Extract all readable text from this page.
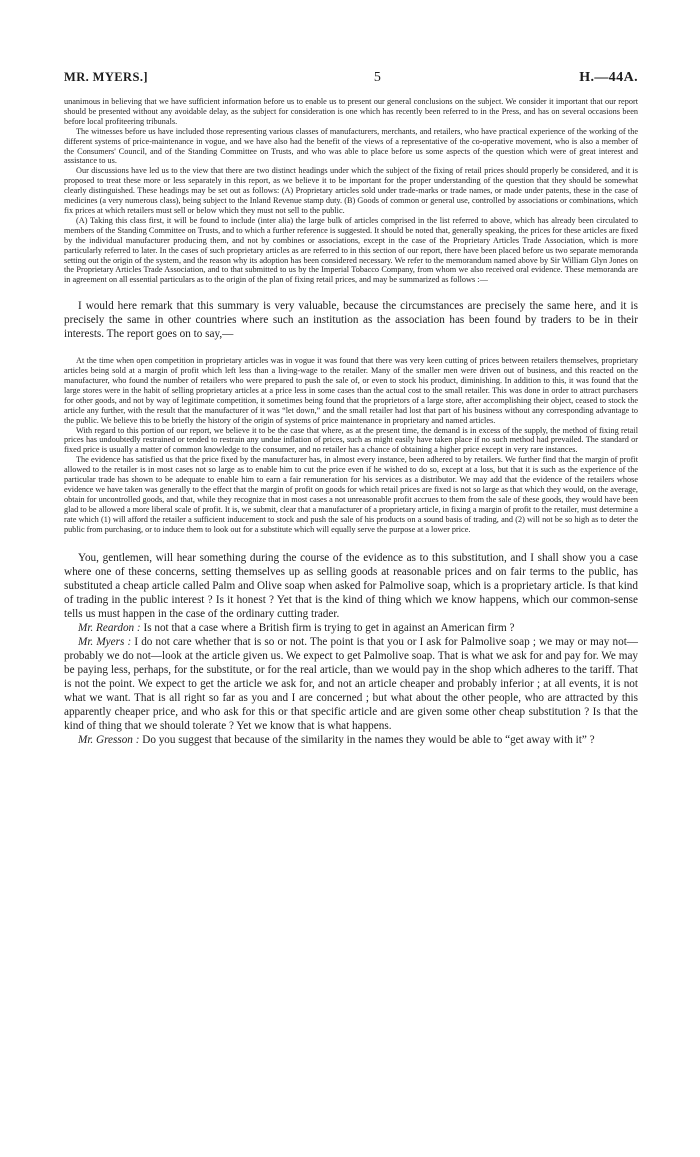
MR. MYERS.]	5	H.—44A.

unanimous in believing that we have sufficient information before us to enable us to present our general conclusions on the subject. We consider it important that our report should be presented without any avoidable delay, as the subject for consideration is one which has recently been referred to in the Press, and has on several occasions been before local profiteering tribunals.

The witnesses before us have included those representing various classes of manufacturers, merchants, and retailers, who have practical experience of the working of the different systems of price-maintenance in vogue, and we have also had the benefit of the views of a representative of the co-operative movement, who is also a member of the Consumers' Council, and of the Standing Committee on Trusts, and who was able to place before us some aspects of the question which were of great interest and assistance to us.

Our discussions have led us to the view that there are two distinct headings under which the subject of the fixing of retail prices should properly be considered, and it is proposed to treat these more or less separately in this report, as we believe it to be important for the proper understanding of the question that they should be somewhat clearly distinguished. These headings may be set out as follows: (A) Proprietary articles sold under trade-marks or trade names, or made under patents, these in the case of medicines (a very numerous class), being subject to the Inland Revenue stamp duty. (B) Goods of common or general use, controlled by associations or combinations, which fix prices at which retailers must sell or below which they must not sell to the public.

(A) Taking this class first, it will be found to include (inter alia) the large bulk of articles comprised in the list referred to above, which has already been circulated to members of the Standing Committee on Trusts, and to which a further reference is suggested. It should be noted that, generally speaking, the prices for these articles are fixed by the individual manufacturer producing them, and not by combines or associations, except in the case of the Proprietary Articles Trade Association, which is more particularly referred to later. In the cases of such proprietary articles as are referred to in this section of our report, there have been placed before us two separate memoranda setting out the origin of the system, and the reason why its adoption has been considered necessary. We refer to the memorandum named above by Sir William Glyn Jones on the Proprietary Articles Trade Association, and to that submitted to us by the Imperial Tobacco Company, from whom we also received oral evidence. These memoranda are in agreement on all essential particulars as to the origin of the plan of fixing retail prices, and may be summarized as follows :—

I would here remark that this summary is very valuable, because the circumstances are precisely the same here, and it is precisely the same in other countries where such an institution as the association has been found by traders to be in their interests. The report goes on to say,—

At the time when open competition in proprietary articles was in vogue it was found that there was very keen cutting of prices between retailers themselves, proprietary articles being sold at a margin of profit which left less than a living-wage to the retailer. Many of the smaller men were driven out of business, and this reacted on the manufacturer, who found the number of retailers who were prepared to push the sale of, or even to stock his product, diminishing. In addition to this, it was found that the large stores were in the habit of selling proprietary articles at a price less in some cases than the actual cost to the small retailer. This was done in order to attract purchasers for other goods, and not by way of legitimate competition, it sometimes being found that the proprietors of a large store, after accomplishing their object, ceased to stock the article any further, with the result that the manufacturer of it was “let down,” and the small retailer had lost that part of his business without any corresponding advantage to the public. We believe this to be briefly the history of the origin of systems of price maintenance in proprietary and named articles.

With regard to this portion of our report, we believe it to be the case that where, as at the present time, the demand is in excess of the supply, the method of fixing retail prices has undoubtedly restrained or tended to restrain any undue inflation of prices, such as might easily have taken place if no such method had prevailed. The standard or fixed price is usually a matter of common knowledge to the consumer, and no retailer has a chance of obtaining a higher price except in very rare instances.

The evidence has satisfied us that the price fixed by the manufacturer has, in almost every instance, been adhered to by retailers. We further find that the margin of profit allowed to the retailer is in most cases not so large as to enable him to cut the price even if he wished to do so, except at a loss, but that it is such as the experience of the particular trade has shown to be adequate to enable him to earn a fair remuneration for his services as a distributor. We may add that the evidence of the retailers whose evidence we have taken was generally to the effect that the margin of profit on goods for which retail prices are fixed is not so large as that which they would, on the average, obtain for uncontrolled goods, and that, while they recognize that in most cases a not unreasonable profit accrues to them from the sale of these goods, they would have been glad to be allowed a more liberal scale of profit. It is, we submit, clear that a manufacturer of a proprietary article, in fixing a margin of profit to the retailer, must determine a rate which (1) will afford the retailer a sufficient inducement to stock and push the sale of his products on a sound basis of trading, and (2) will not be so high as to deter the public from purchasing, or to induce them to look out for a substitute which will equally serve the purpose at a lower price.

You, gentlemen, will hear something during the course of the evidence as to this substitution, and I shall show you a case where one of these concerns, setting themselves up as selling goods at reasonable prices and on fair terms to the public, has substituted a cheap article called Palm and Olive soap when asked for Palmolive soap, which is a proprietary article. Is that kind of trading in the public interest ? Is it honest ? Yet that is the kind of thing which we know happens, which our common-sense tells us must happen in the case of the ordinary cutting trader.

Mr. Reardon : Is not that a case where a British firm is trying to get in against an American firm ?

Mr. Myers : I do not care whether that is so or not. The point is that you or I ask for Palmolive soap ; we may or may not—probably we do not—look at the article given us. We expect to get Palmolive soap. That is what we ask for and pay for. We may be paying less, perhaps, for the substitute, or for the real article, than we would pay in the shop which adheres to the tariff. That is not the point. We expect to get the article we ask for, and not an article cheaper and probably inferior ; at all events, it is not what we want. That is all right so far as you and I are concerned ; but what about the other people, who are attracted by this apparently cheaper price, and who ask for this or that specific article and are given some other cheap substitution ? Is that the kind of thing that we should tolerate ? Yet we know that is what happens.

Mr. Gresson : Do you suggest that because of the similarity in the names they would be able to “get away with it” ?
